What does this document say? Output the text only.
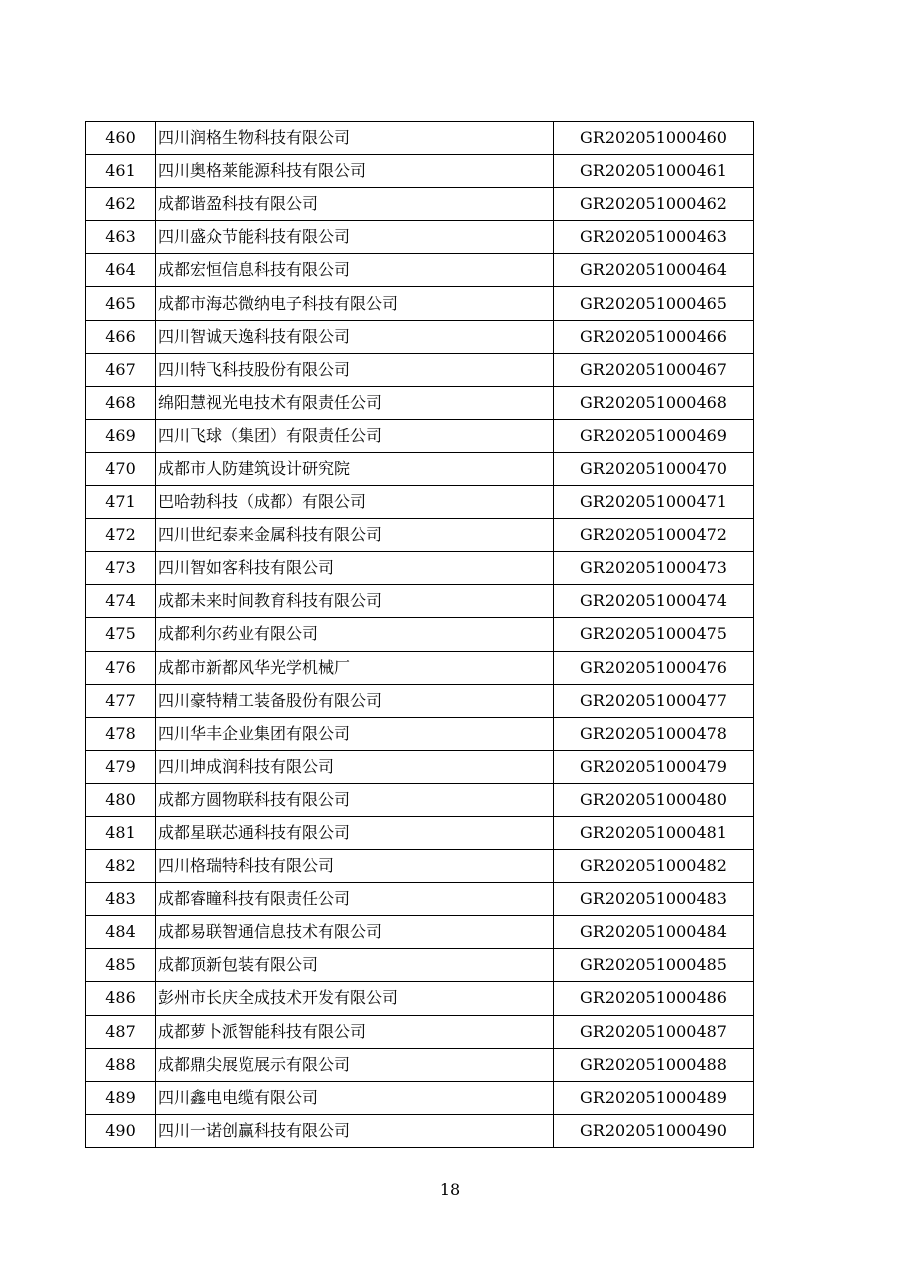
460	四川润格生物科技有限公司	GR202051000460
461	四川奥格莱能源科技有限公司	GR202051000461
462	成都谐盈科技有限公司	GR202051000462
463	四川盛众节能科技有限公司	GR202051000463
464	成都宏恒信息科技有限公司	GR202051000464
465	成都市海芯微纳电子科技有限公司	GR202051000465
466	四川智诚天逸科技有限公司	GR202051000466
467	四川特飞科技股份有限公司	GR202051000467
468	绵阳慧视光电技术有限责任公司	GR202051000468
469	四川飞球（集团）有限责任公司	GR202051000469
470	成都市人防建筑设计研究院	GR202051000470
471	巴哈勃科技（成都）有限公司	GR202051000471
472	四川世纪泰来金属科技有限公司	GR202051000472
473	四川智如客科技有限公司	GR202051000473
474	成都未来时间教育科技有限公司	GR202051000474
475	成都利尔药业有限公司	GR202051000475
476	成都市新都风华光学机械厂	GR202051000476
477	四川豪特精工装备股份有限公司	GR202051000477
478	四川华丰企业集团有限公司	GR202051000478
479	四川坤成润科技有限公司	GR202051000479
480	成都方圆物联科技有限公司	GR202051000480
481	成都星联芯通科技有限公司	GR202051000481
482	四川格瑞特科技有限公司	GR202051000482
483	成都睿瞳科技有限责任公司	GR202051000483
484	成都易联智通信息技术有限公司	GR202051000484
485	成都顶新包装有限公司	GR202051000485
486	彭州市长庆全成技术开发有限公司	GR202051000486
487	成都萝卜派智能科技有限公司	GR202051000487
488	成都鼎尖展览展示有限公司	GR202051000488
489	四川鑫电电缆有限公司	GR202051000489
490	四川一诺创赢科技有限公司	GR202051000490
18
